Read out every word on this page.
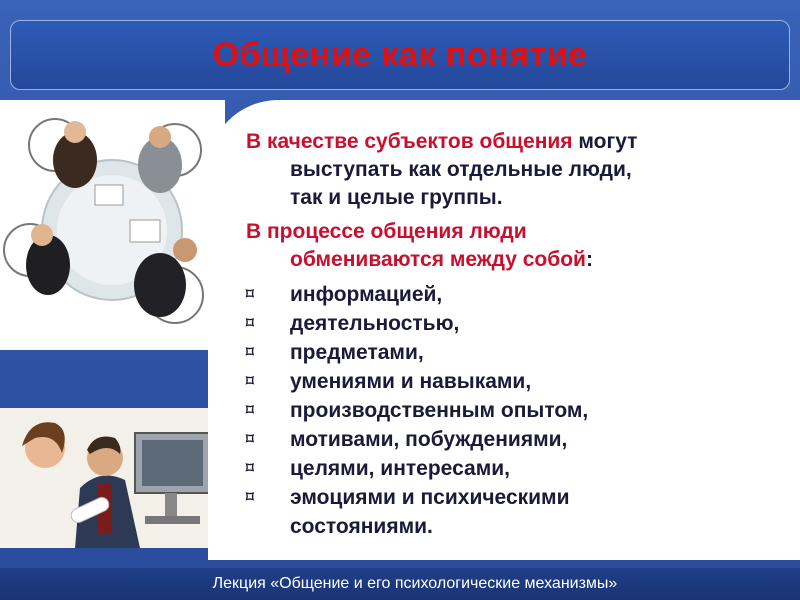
Общение как понятие
В качестве субъектов общения могут
выступать как отдельные люди,
так и целые группы.
В процессе общения люди
обмениваются между собой:
⌑ информацией,
⌑ деятельностью,
⌑ предметами,
⌑ умениями и навыками,
⌑ производственным опытом,
⌑ мотивами, побуждениями,
⌑ целями, интересами,
⌑ эмоциями и психическими
состояниями.
Лекция «Общение и его психологические механизмы»
